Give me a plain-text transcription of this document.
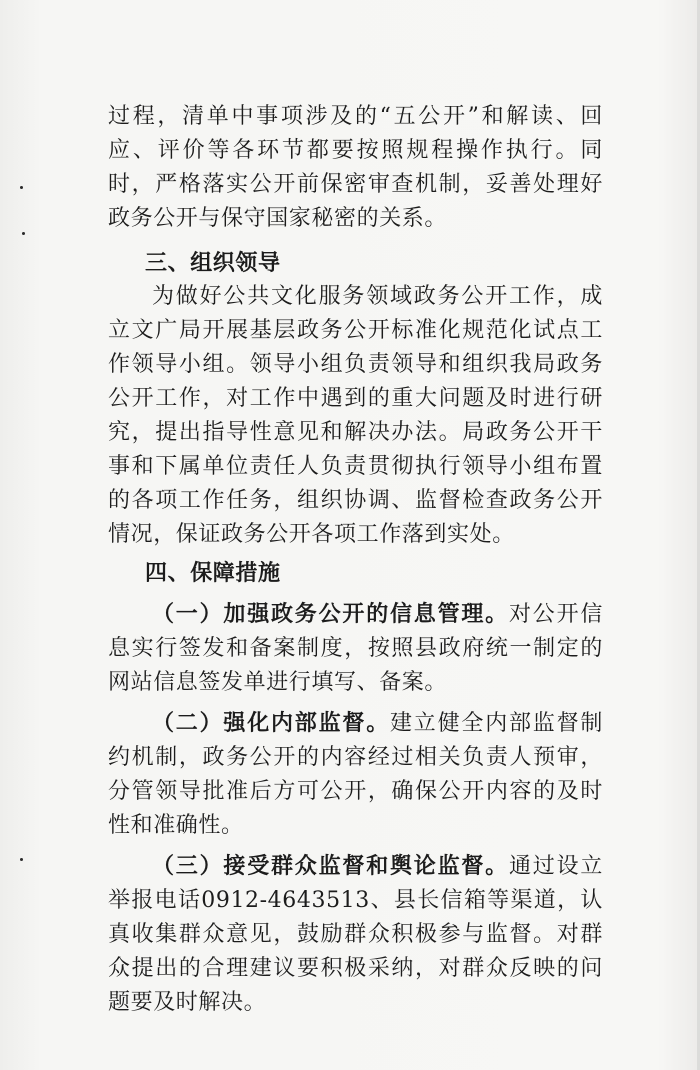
过程，清单中事项涉及的“五公开”和解读、回应、评价等各环节都要按照规程操作执行。同时，严格落实公开前保密审查机制，妥善处理好政务公开与保守国家秘密的关系。

三、组织领导

为做好公共文化服务领域政务公开工作，成立文广局开展基层政务公开标准化规范化试点工作领导小组。领导小组负责领导和组织我局政务公开工作，对工作中遇到的重大问题及时进行研究，提出指导性意见和解决办法。局政务公开干事和下属单位责任人负责贯彻执行领导小组布置的各项工作任务，组织协调、监督检查政务公开情况，保证政务公开各项工作落到实处。

四、保障措施

（一）加强政务公开的信息管理。对公开信息实行签发和备案制度，按照县政府统一制定的网站信息签发单进行填写、备案。

（二）强化内部监督。建立健全内部监督制约机制，政务公开的内容经过相关负责人预审，分管领导批准后方可公开，确保公开内容的及时性和准确性。

（三）接受群众监督和舆论监督。通过设立举报电话0912-4643513、县长信箱等渠道，认真收集群众意见，鼓励群众积极参与监督。对群众提出的合理建议要积极采纳，对群众反映的问题要及时解决。
